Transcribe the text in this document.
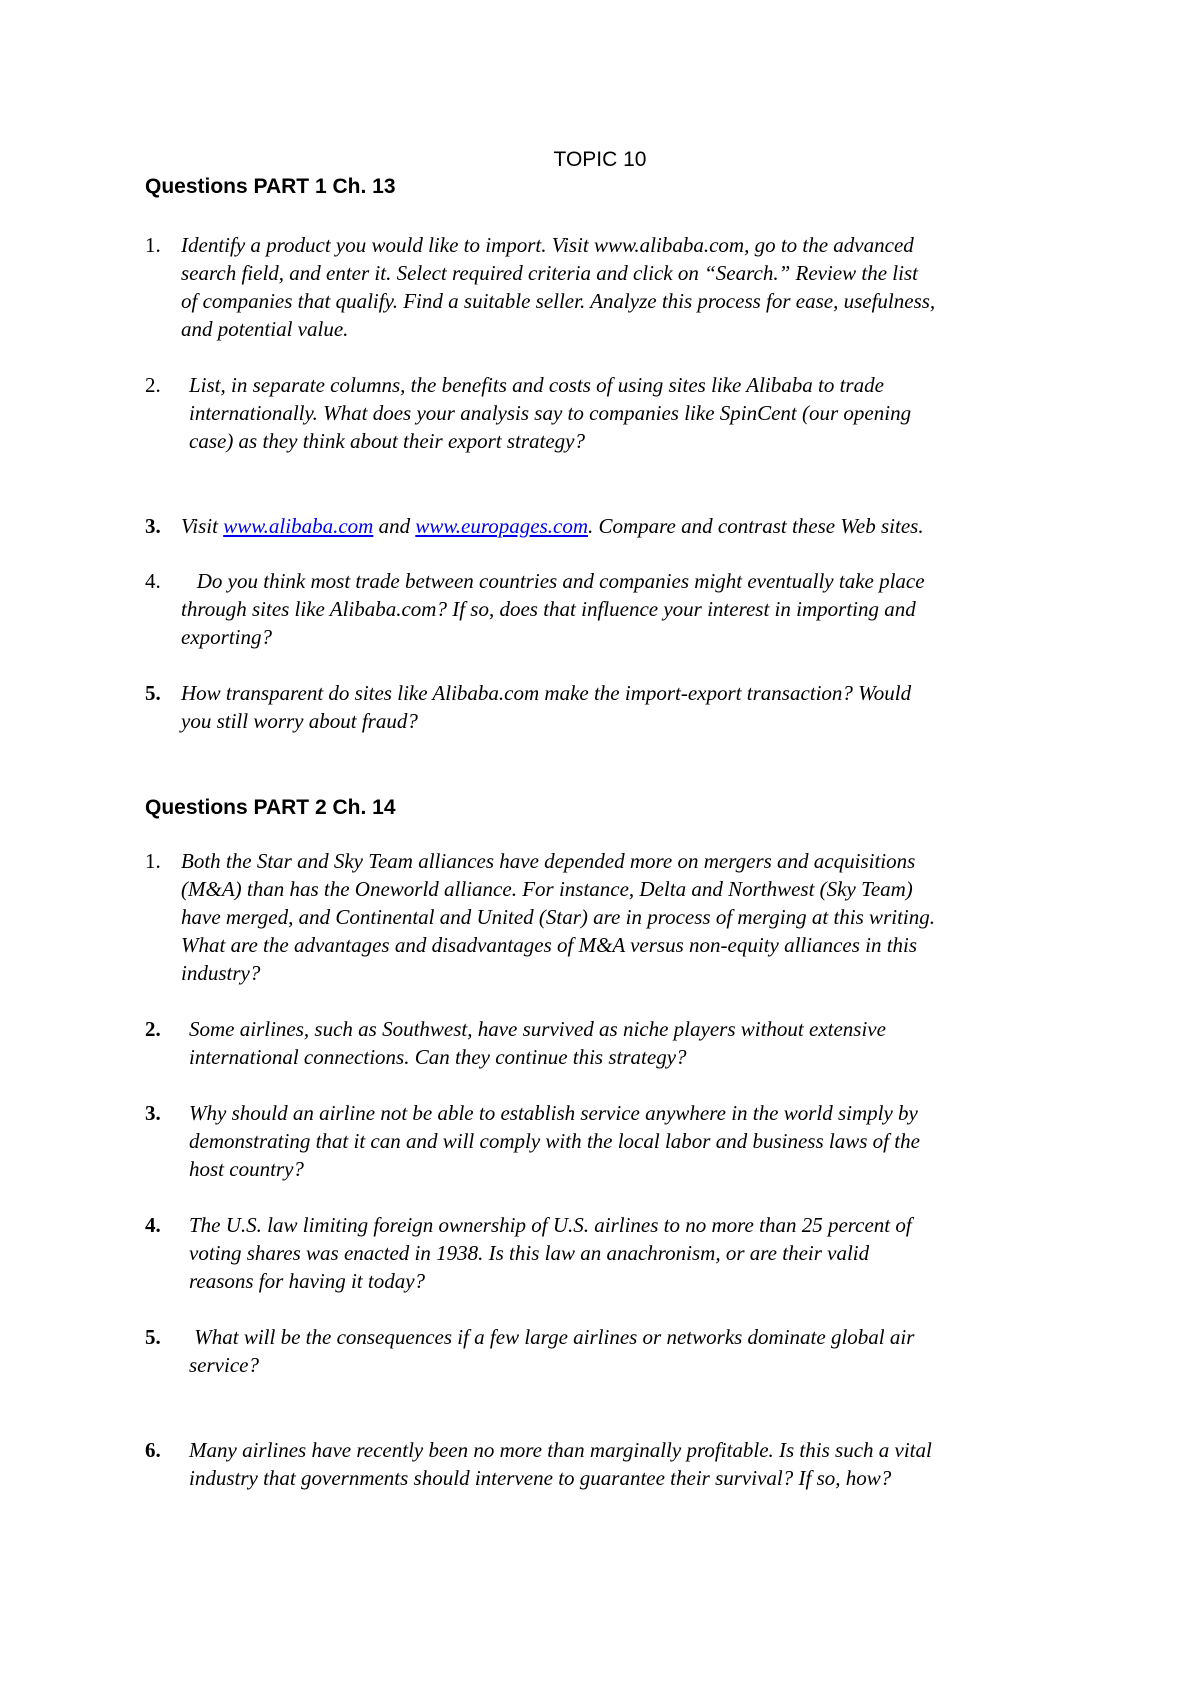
TOPIC 10
Questions PART 1 Ch. 13
1. Identify a product you would like to import. Visit www.alibaba.com, go to the advanced
search field, and enter it. Select required criteria and click on “Search.” Review the list
of companies that qualify. Find a suitable seller. Analyze this process for ease, usefulness,
and potential value.
2. List, in separate columns, the benefits and costs of using sites like Alibaba to trade
internationally. What does your analysis say to companies like SpinCent (our opening
case) as they think about their export strategy?
3. Visit www.alibaba.com and www.europages.com. Compare and contrast these Web sites.
4. Do you think most trade between countries and companies might eventually take place
through sites like Alibaba.com? If so, does that influence your interest in importing and
exporting?
5. How transparent do sites like Alibaba.com make the import-export transaction? Would
you still worry about fraud?
Questions PART 2 Ch. 14
1. Both the Star and Sky Team alliances have depended more on mergers and acquisitions
(M&A) than has the Oneworld alliance. For instance, Delta and Northwest (Sky Team)
have merged, and Continental and United (Star) are in process of merging at this writing.
What are the advantages and disadvantages of M&A versus non-equity alliances in this
industry?
2. Some airlines, such as Southwest, have survived as niche players without extensive
international connections. Can they continue this strategy?
3. Why should an airline not be able to establish service anywhere in the world simply by
demonstrating that it can and will comply with the local labor and business laws of the
host country?
4. The U.S. law limiting foreign ownership of U.S. airlines to no more than 25 percent of
voting shares was enacted in 1938. Is this law an anachronism, or are their valid
reasons for having it today?
5. What will be the consequences if a few large airlines or networks dominate global air
service?
6. Many airlines have recently been no more than marginally profitable. Is this such a vital
industry that governments should intervene to guarantee their survival? If so, how?
